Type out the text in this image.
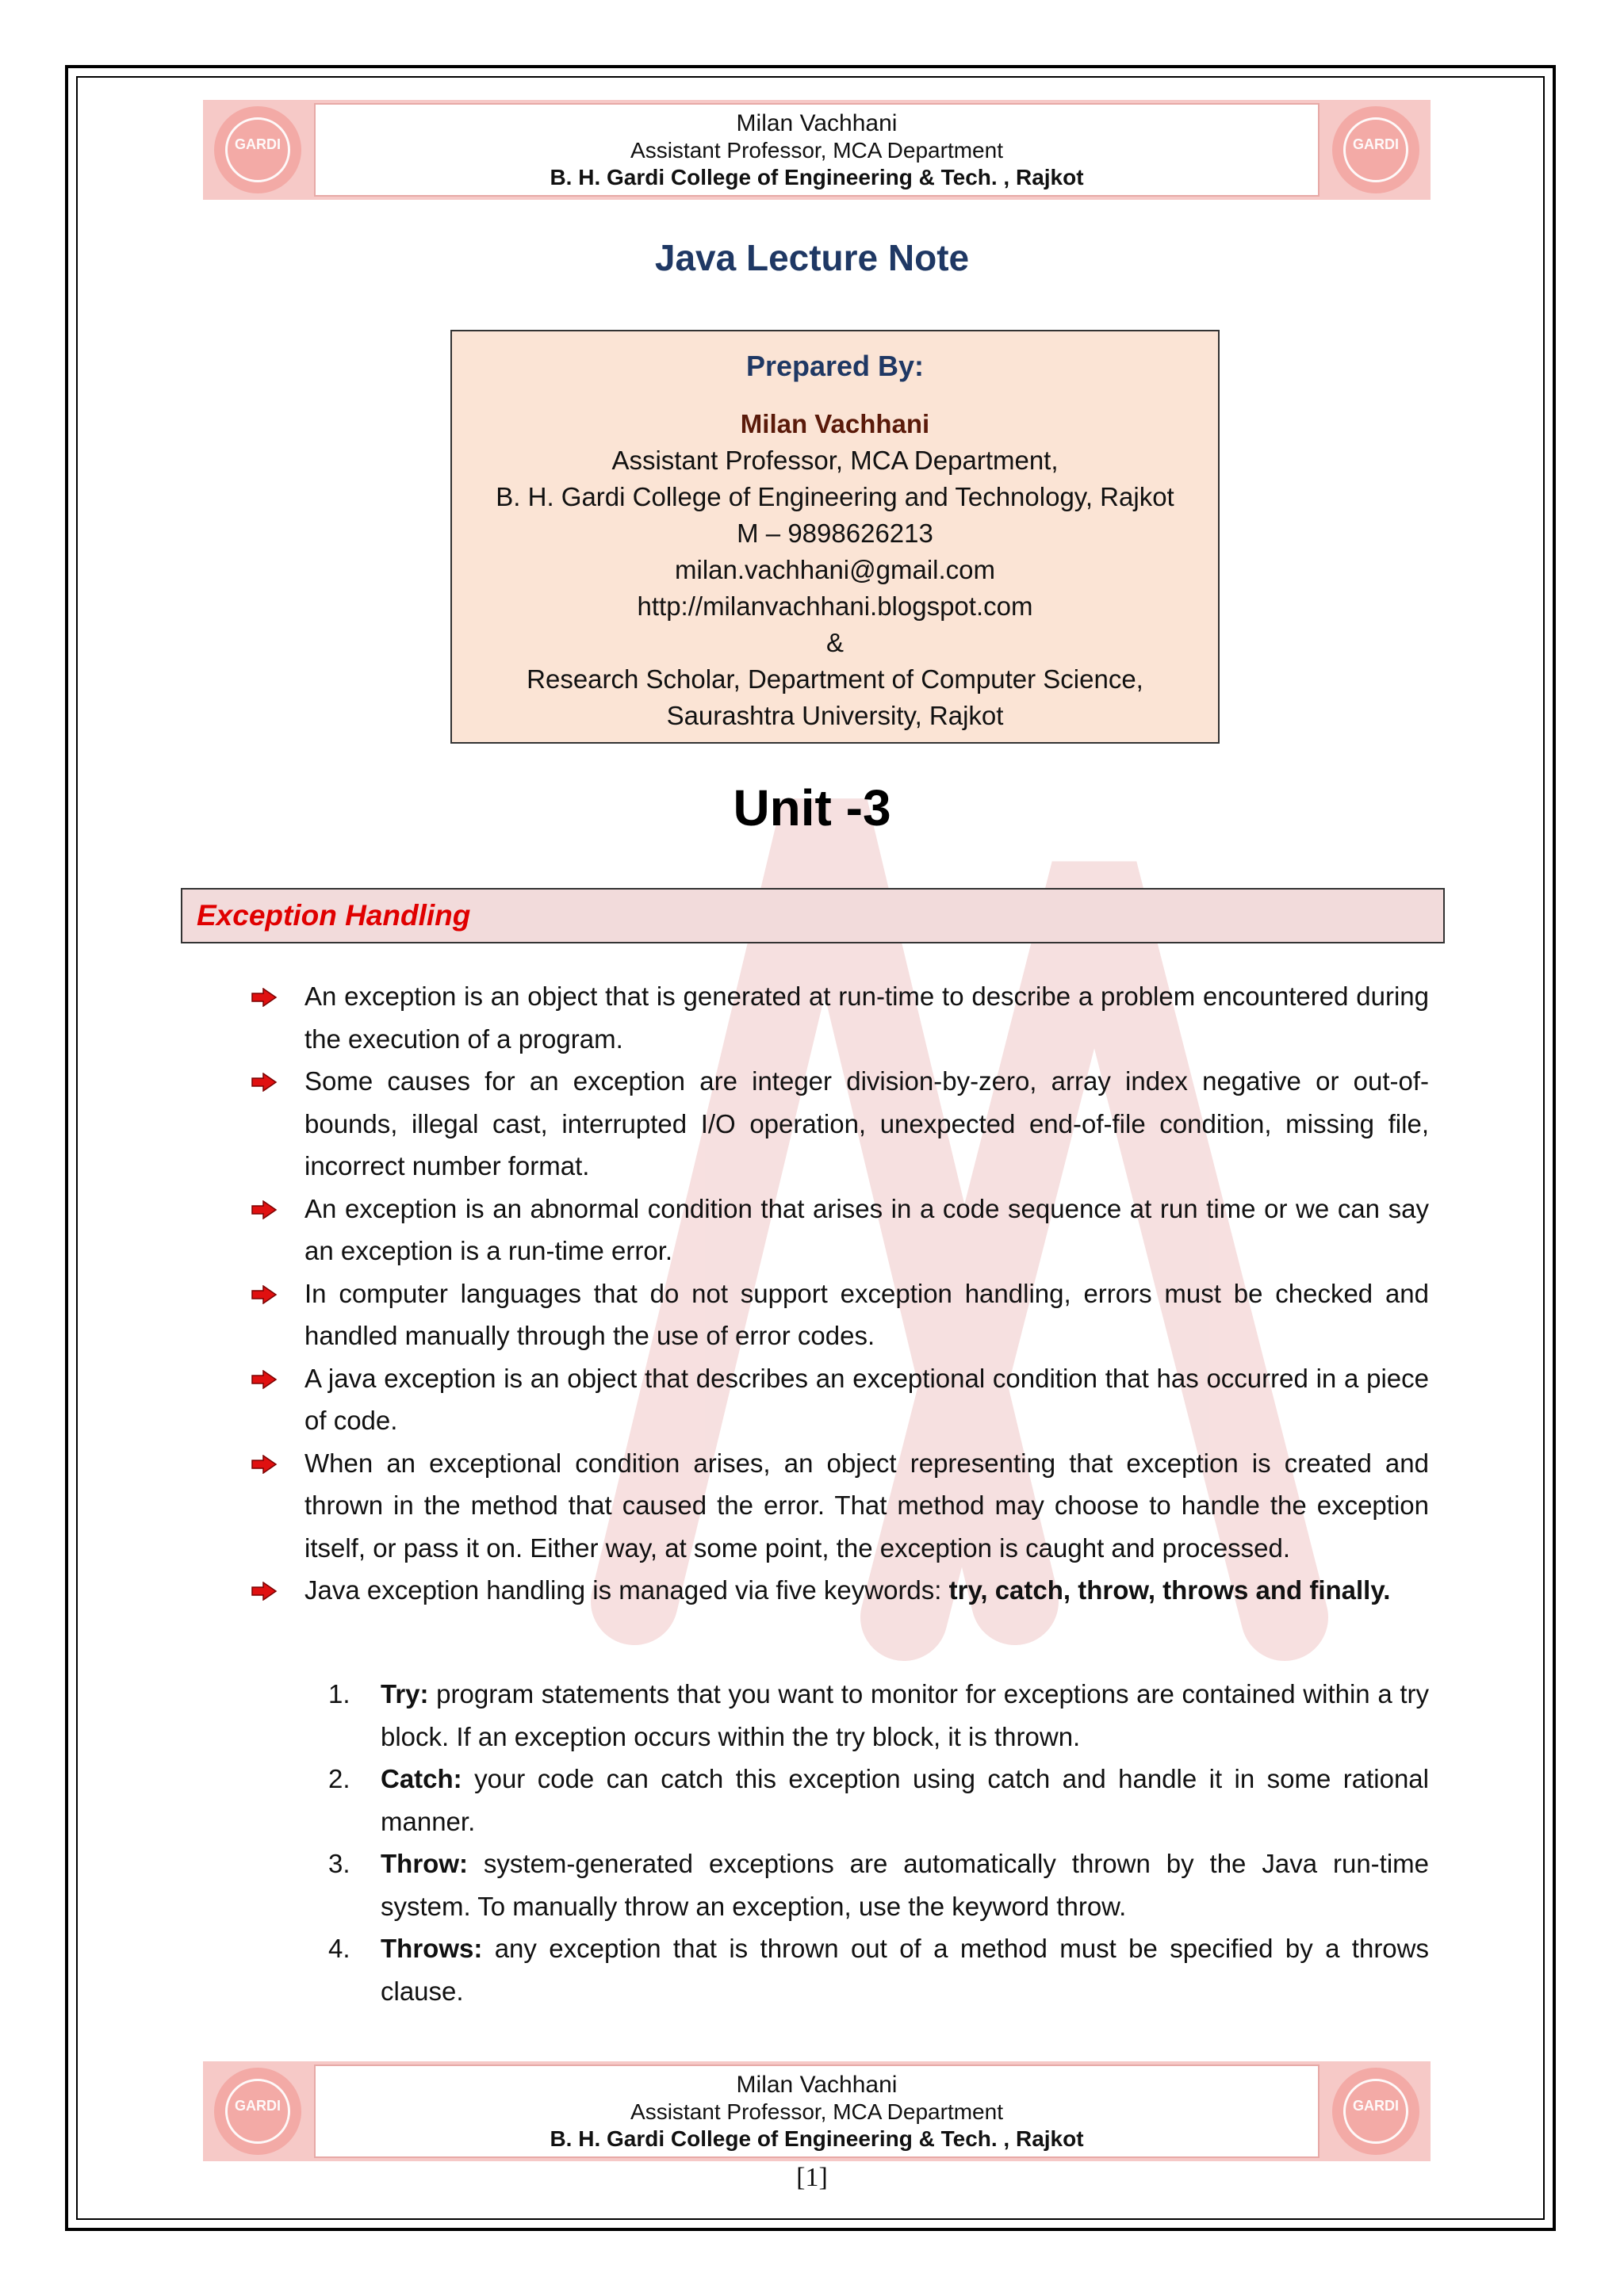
GARDI
Milan Vachhani
Assistant Professor, MCA Department
B. H. Gardi College of Engineering & Tech. , Rajkot
GARDI
Java Lecture Note
Prepared By:
Milan Vachhani
Assistant Professor, MCA Department,
B. H. Gardi College of Engineering and Technology, Rajkot
M – 9898626213
milan.vachhani@gmail.com
http://milanvachhani.blogspot.com
&
Research Scholar, Department of Computer Science,
Saurashtra University, Rajkot
Unit -3
Exception Handling
An exception is an object that is generated at run-time to describe a problem encountered during the execution of a program.
Some causes for an exception are integer division-by-zero, array index negative or out-of-bounds, illegal cast, interrupted I/O operation, unexpected end-of-file condition, missing file, incorrect number format.
An exception is an abnormal condition that arises in a code sequence at run time or we can say an exception is a run-time error.
In computer languages that do not support exception handling, errors must be checked and handled manually through the use of error codes.
A java exception is an object that describes an exceptional condition that has occurred in a piece of code.
When an exceptional condition arises, an object representing that exception is created and thrown in the method that caused the error. That method may choose to handle the exception itself, or pass it on. Either way, at some point, the exception is caught and processed.
Java exception handling is managed via five keywords: try, catch, throw, throws and finally.
1. Try: program statements that you want to monitor for exceptions are contained within a try block. If an exception occurs within the try block, it is thrown.
2. Catch: your code can catch this exception using catch and handle it in some rational manner.
3. Throw: system-generated exceptions are automatically thrown by the Java run-time system. To manually throw an exception, use the keyword throw.
4. Throws: any exception that is thrown out of a method must be specified by a throws clause.
GARDI
Milan Vachhani
Assistant Professor, MCA Department
B. H. Gardi College of Engineering & Tech. , Rajkot
GARDI
[1]
